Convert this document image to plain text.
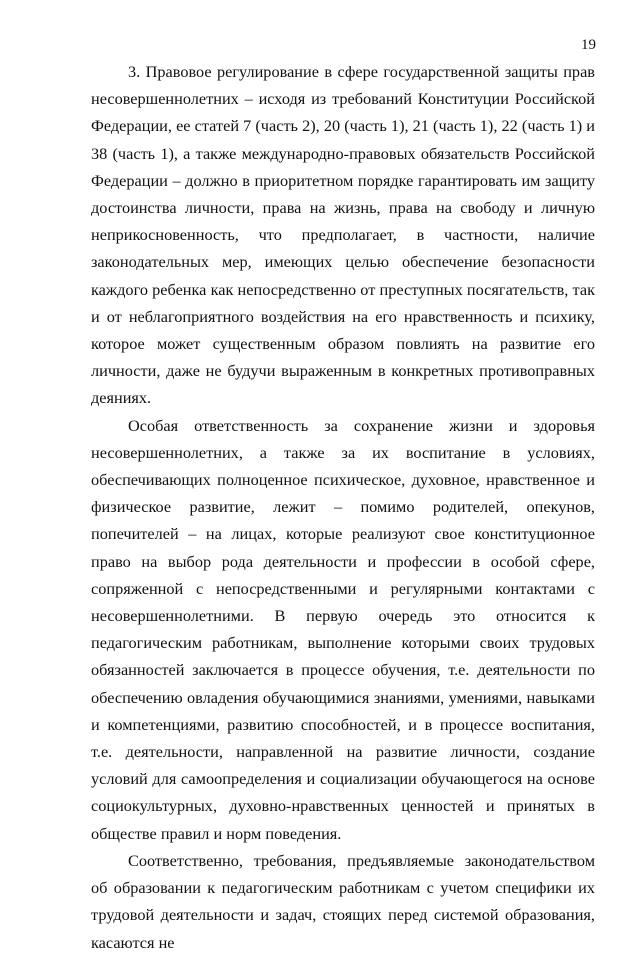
19

3. Правовое регулирование в сфере государственной защиты прав несовершеннолетних – исходя из требований Конституции Российской Федерации, ее статей 7 (часть 2), 20 (часть 1), 21 (часть 1), 22 (часть 1) и 38 (часть 1), а также международно-правовых обязательств Российской Федерации – должно в приоритетном порядке гарантировать им защиту достоинства личности, права на жизнь, права на свободу и личную неприкосновенность, что предполагает, в частности, наличие законодательных мер, имеющих целью обеспечение безопасности каждого ребенка как непосредственно от преступных посягательств, так и от неблагоприятного воздействия на его нравственность и психику, которое может существенным образом повлиять на развитие его личности, даже не будучи выраженным в конкретных противоправных деяниях.

Особая ответственность за сохранение жизни и здоровья несовершеннолетних, а также за их воспитание в условиях, обеспечивающих полноценное психическое, духовное, нравственное и физическое развитие, лежит – помимо родителей, опекунов, попечителей – на лицах, которые реализуют свое конституционное право на выбор рода деятельности и профессии в особой сфере, сопряженной с непосредственными и регулярными контактами с несовершеннолетними. В первую очередь это относится к педагогическим работникам, выполнение которыми своих трудовых обязанностей заключается в процессе обучения, т.е. деятельности по обеспечению овладения обучающимися знаниями, умениями, навыками и компетенциями, развитию способностей, и в процессе воспитания, т.е. деятельности, направленной на развитие личности, создание условий для самоопределения и социализации обучающегося на основе социокультурных, духовно-нравственных ценностей и принятых в обществе правил и норм поведения.

Соответственно, требования, предъявляемые законодательством об образовании к педагогическим работникам с учетом специфики их трудовой деятельности и задач, стоящих перед системой образования, касаются не
